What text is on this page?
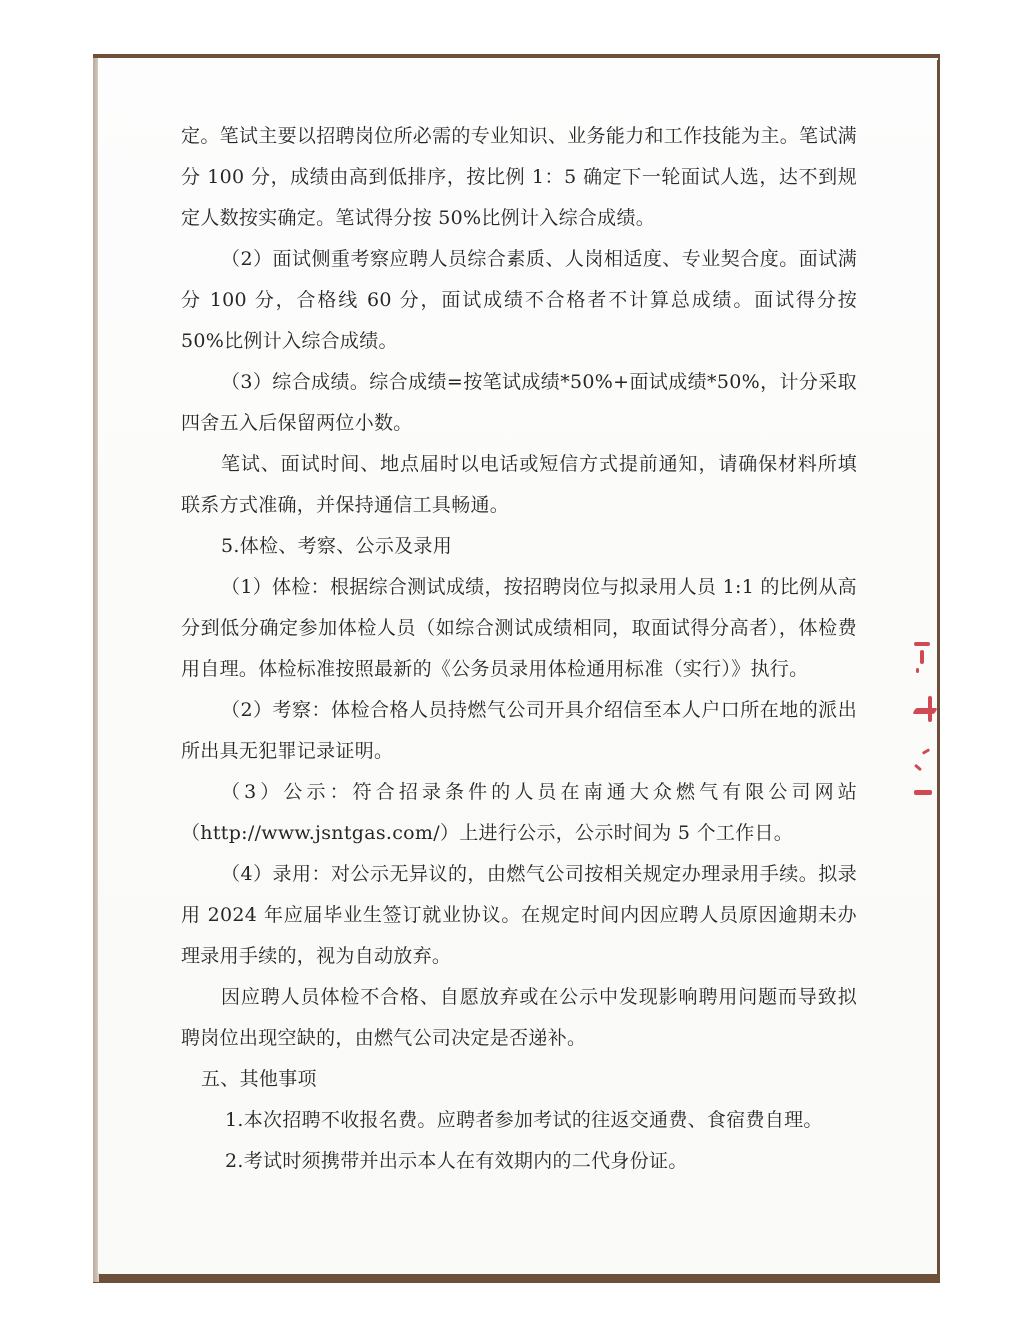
定。笔试主要以招聘岗位所必需的专业知识、业务能力和工作技能为主。笔试满分 100 分，成绩由高到低排序，按比例 1：5 确定下一轮面试人选，达不到规定人数按实确定。笔试得分按 50%比例计入综合成绩。

（2）面试侧重考察应聘人员综合素质、人岗相适度、专业契合度。面试满分 100 分，合格线 60 分，面试成绩不合格者不计算总成绩。面试得分按 50%比例计入综合成绩。

（3）综合成绩。综合成绩=按笔试成绩*50%+面试成绩*50%，计分采取四舍五入后保留两位小数。

笔试、面试时间、地点届时以电话或短信方式提前通知，请确保材料所填联系方式准确，并保持通信工具畅通。

5.体检、考察、公示及录用

（1）体检：根据综合测试成绩，按招聘岗位与拟录用人员 1:1 的比例从高分到低分确定参加体检人员（如综合测试成绩相同，取面试得分高者），体检费用自理。体检标准按照最新的《公务员录用体检通用标准（实行）》执行。

（2）考察：体检合格人员持燃气公司开具介绍信至本人户口所在地的派出所出具无犯罪记录证明。

（3）公示：符合招录条件的人员在南通大众燃气有限公司网站（http://www.jsntgas.com/）上进行公示，公示时间为 5 个工作日。

（4）录用：对公示无异议的，由燃气公司按相关规定办理录用手续。拟录用 2024 年应届毕业生签订就业协议。在规定时间内因应聘人员原因逾期未办理录用手续的，视为自动放弃。

因应聘人员体检不合格、自愿放弃或在公示中发现影响聘用问题而导致拟聘岗位出现空缺的，由燃气公司决定是否递补。

五、其他事项

1.本次招聘不收报名费。应聘者参加考试的往返交通费、食宿费自理。

2.考试时须携带并出示本人在有效期内的二代身份证。
